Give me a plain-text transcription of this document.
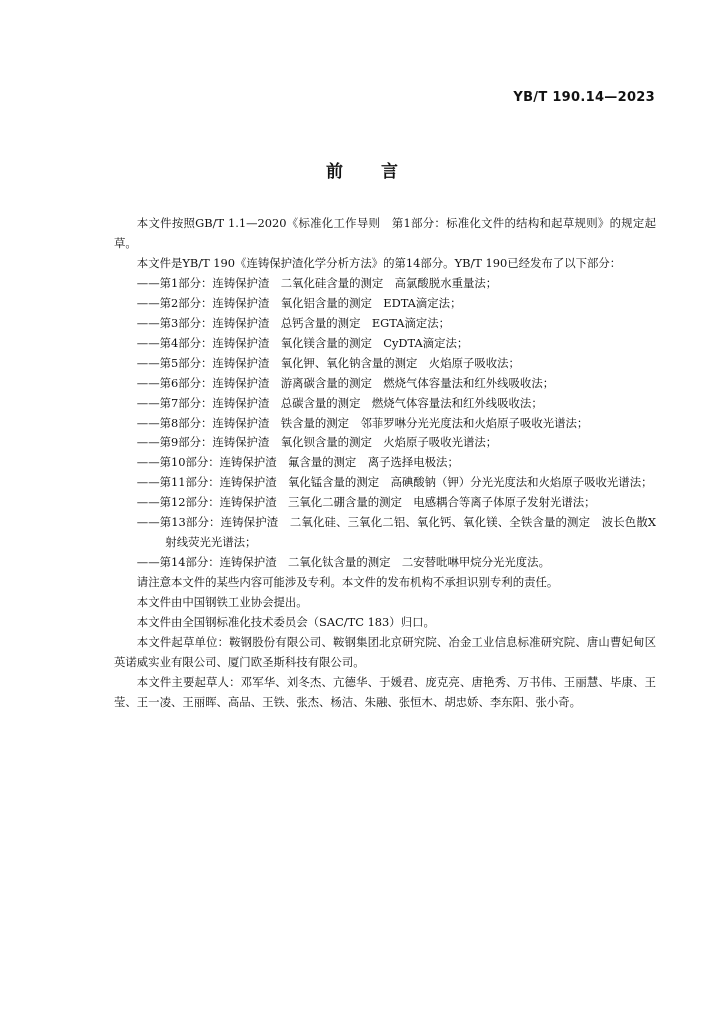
YB/T 190.14—2023
前言

本文件按照GB/T 1.1—2020《标准化工作导则　第1部分：标准化文件的结构和起草规则》的规定起草。

本文件是YB/T 190《连铸保护渣化学分析方法》的第14部分。YB/T 190已经发布了以下部分：

——第1部分：连铸保护渣　二氧化硅含量的测定　高氯酸脱水重量法；

——第2部分：连铸保护渣　氧化铝含量的测定　EDTA滴定法；

——第3部分：连铸保护渣　总钙含量的测定　EGTA滴定法；

——第4部分：连铸保护渣　氧化镁含量的测定　CyDTA滴定法；

——第5部分：连铸保护渣　氧化钾、氧化钠含量的测定　火焰原子吸收法；

——第6部分：连铸保护渣　游离碳含量的测定　燃烧气体容量法和红外线吸收法；

——第7部分：连铸保护渣　总碳含量的测定　燃烧气体容量法和红外线吸收法；

——第8部分：连铸保护渣　铁含量的测定　邻菲罗啉分光光度法和火焰原子吸收光谱法；

——第9部分：连铸保护渣　氧化钡含量的测定　火焰原子吸收光谱法；

——第10部分：连铸保护渣　氟含量的测定　离子选择电极法；

——第11部分：连铸保护渣　氧化锰含量的测定　高碘酸钠（钾）分光光度法和火焰原子吸收光谱法；

——第12部分：连铸保护渣　三氧化二硼含量的测定　电感耦合等离子体原子发射光谱法；

——第13部分：连铸保护渣　二氧化硅、三氧化二铝、氧化钙、氧化镁、全铁含量的测定　波长色散X射线荧光光谱法；

——第14部分：连铸保护渣　二氧化钛含量的测定　二安替吡啉甲烷分光光度法。

请注意本文件的某些内容可能涉及专利。本文件的发布机构不承担识别专利的责任。

本文件由中国钢铁工业协会提出。

本文件由全国钢标准化技术委员会（SAC/TC 183）归口。

本文件起草单位：鞍钢股份有限公司、鞍钢集团北京研究院、冶金工业信息标准研究院、唐山曹妃甸区英诺威实业有限公司、厦门欧圣斯科技有限公司。

本文件主要起草人：邓军华、刘冬杰、亢德华、于媛君、庞克亮、唐艳秀、万书伟、王丽慧、毕康、王莹、王一凌、王丽晖、高品、王铁、张杰、杨洁、朱融、张恒木、胡忠娇、李东阳、张小奇。
